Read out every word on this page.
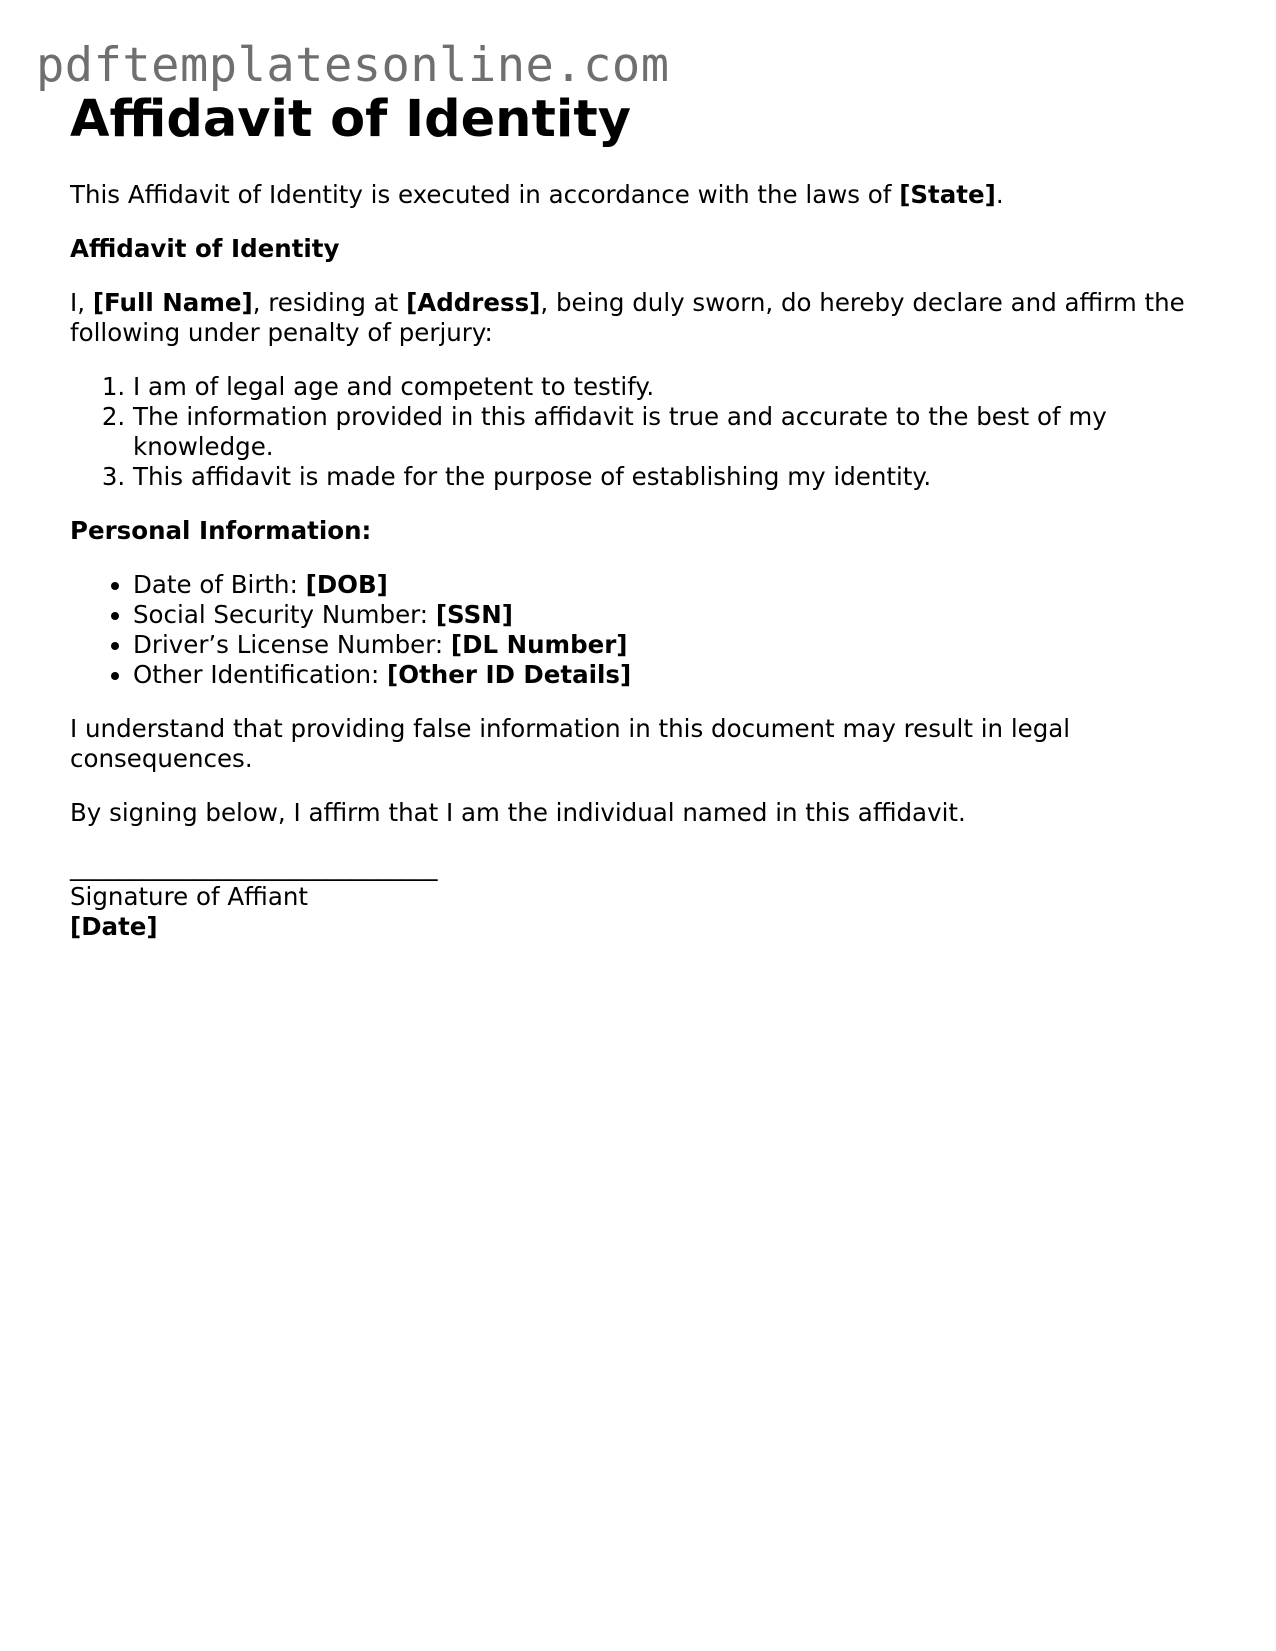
pdftemplatesonline.com
Affidavit of Identity

This Affidavit of Identity is executed in accordance with the laws of [State].

Affidavit of Identity

I, [Full Name], residing at [Address], being duly sworn, do hereby declare and affirm the following under penalty of perjury:

1. I am of legal age and competent to testify.
2. The information provided in this affidavit is true and accurate to the best of my knowledge.
3. This affidavit is made for the purpose of establishing my identity.

Personal Information:

• Date of Birth: [DOB]
• Social Security Number: [SSN]
• Driver’s License Number: [DL Number]
• Other Identification: [Other ID Details]

I understand that providing false information in this document may result in legal consequences.

By signing below, I affirm that I am the individual named in this affidavit.

______________________________
Signature of Affiant
[Date]
